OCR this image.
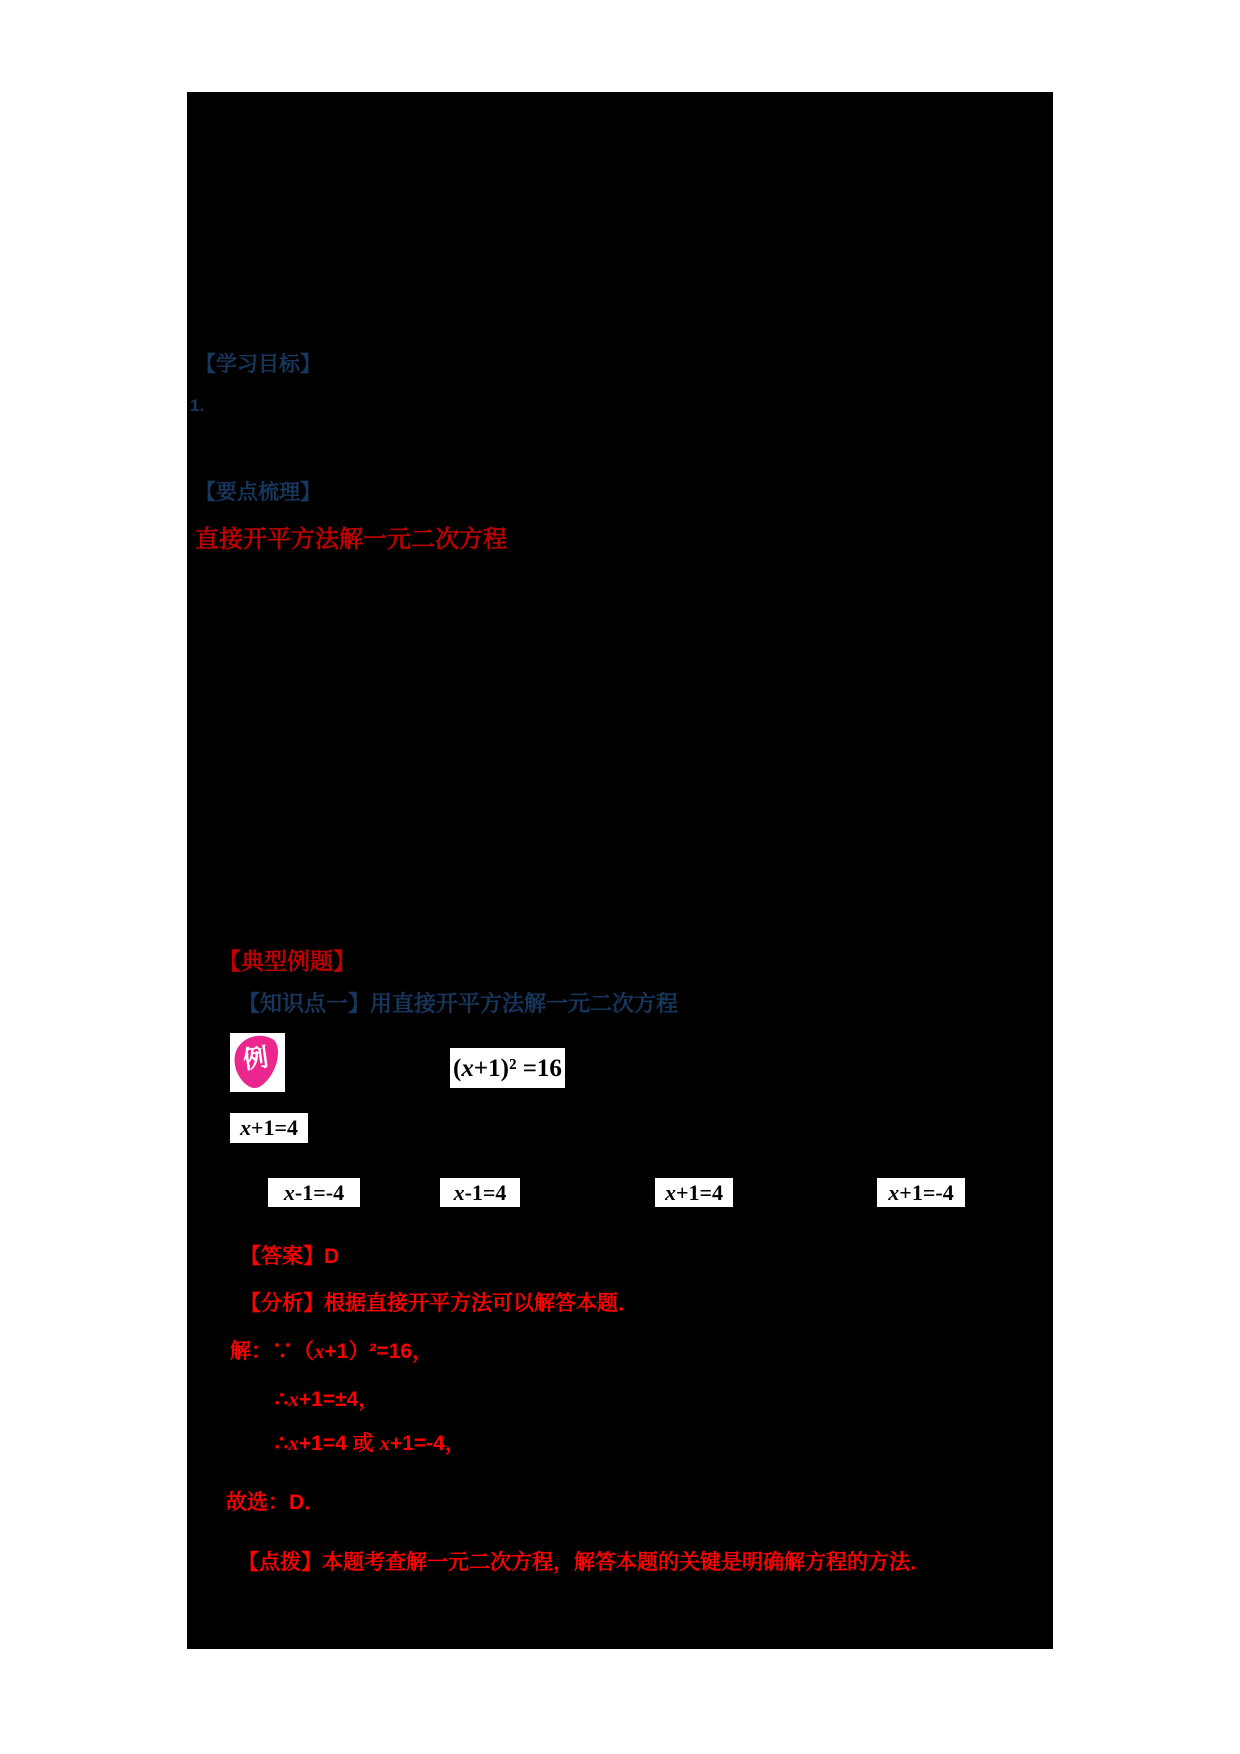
【学习目标】
1.
【要点梳理】
直接开平方法解一元二次方程
【典型例题】
【知识点一】用直接开平方法解一元二次方程
例	( x +1)² =16
x +1=4
x -1=-4	x -1=4	x +1=4	x +1=-4
【答案】D
【分析】根据直接开平方法可以解答本题．
解：∵（x+1）²=16，
∴x+1=±4，
∴x+1=4 或 x+1=-4，
故选：D．
【点拨】本题考查解一元二次方程，解答本题的关键是明确解方程的方法．
